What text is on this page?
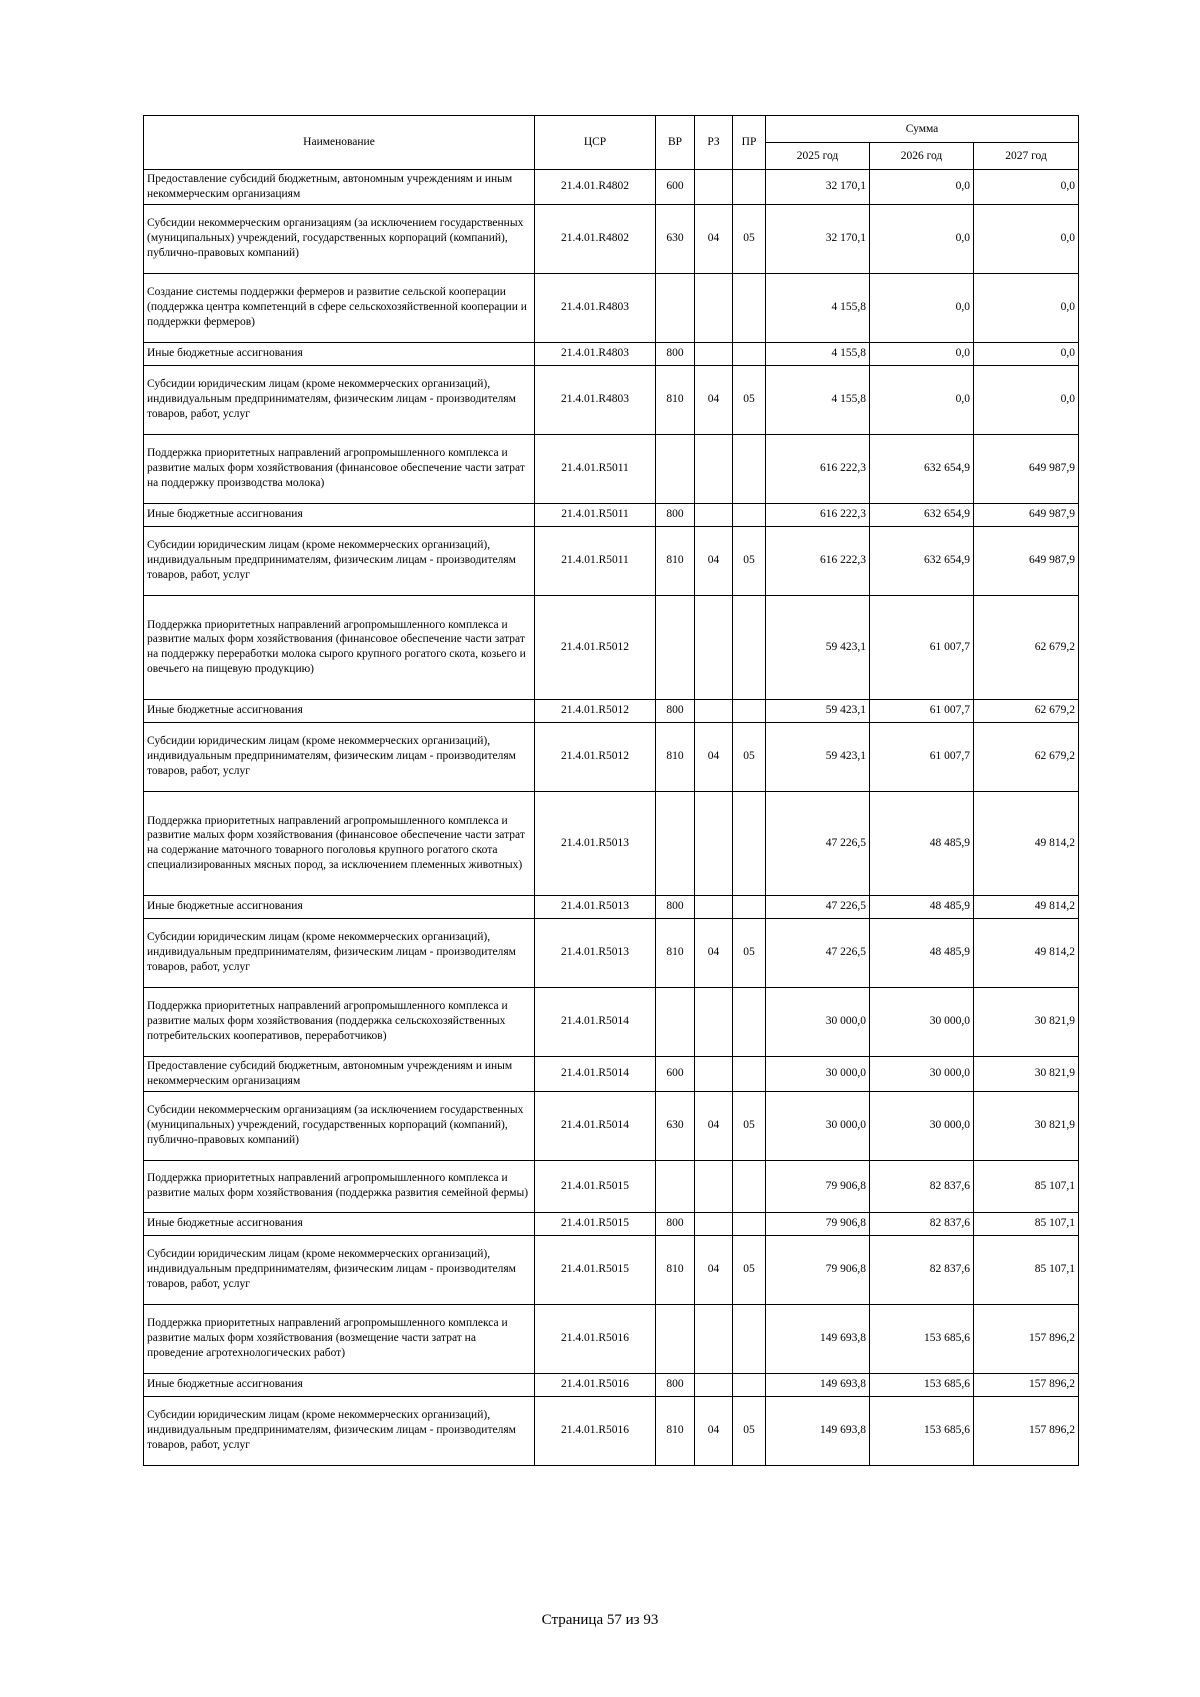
Наименование	ЦСР	ВР	РЗ	ПР	Сумма		
					2025 год	2026 год	2027 год
Предоставление субсидий бюджетным, автономным учреждениям и иным некоммерческим организациям	21.4.01.R4802	600			32 170,1	0,0	0,0
Субсидии некоммерческим организациям (за исключением государственных (муниципальных) учреждений, государственных корпораций (компаний), публично-правовых компаний)	21.4.01.R4802	630	04	05	32 170,1	0,0	0,0
Создание системы поддержки фермеров и развитие сельской кооперации (поддержка центра компетенций в сфере сельскохозяйственной кооперации и поддержки фермеров)	21.4.01.R4803				4 155,8	0,0	0,0
Иные бюджетные ассигнования	21.4.01.R4803	800			4 155,8	0,0	0,0
Субсидии юридическим лицам (кроме некоммерческих организаций), индивидуальным предпринимателям, физическим лицам - производителям товаров, работ, услуг	21.4.01.R4803	810	04	05	4 155,8	0,0	0,0
Поддержка приоритетных направлений агропромышленного комплекса и развитие малых форм хозяйствования (финансовое обеспечение части затрат на поддержку производства молока)	21.4.01.R5011				616 222,3	632 654,9	649 987,9
Иные бюджетные ассигнования	21.4.01.R5011	800			616 222,3	632 654,9	649 987,9
Субсидии юридическим лицам (кроме некоммерческих организаций), индивидуальным предпринимателям, физическим лицам - производителям товаров, работ, услуг	21.4.01.R5011	810	04	05	616 222,3	632 654,9	649 987,9
Поддержка приоритетных направлений агропромышленного комплекса и развитие малых форм хозяйствования (финансовое обеспечение части затрат на поддержку переработки молока сырого крупного рогатого скота, козьего и овечьего на пищевую продукцию)	21.4.01.R5012				59 423,1	61 007,7	62 679,2
Иные бюджетные ассигнования	21.4.01.R5012	800			59 423,1	61 007,7	62 679,2
Субсидии юридическим лицам (кроме некоммерческих организаций), индивидуальным предпринимателям, физическим лицам - производителям товаров, работ, услуг	21.4.01.R5012	810	04	05	59 423,1	61 007,7	62 679,2
Поддержка приоритетных направлений агропромышленного комплекса и развитие малых форм хозяйствования (финансовое обеспечение части затрат на содержание маточного товарного поголовья крупного рогатого скота специализированных мясных пород, за исключением племенных животных)	21.4.01.R5013				47 226,5	48 485,9	49 814,2
Иные бюджетные ассигнования	21.4.01.R5013	800			47 226,5	48 485,9	49 814,2
Субсидии юридическим лицам (кроме некоммерческих организаций), индивидуальным предпринимателям, физическим лицам - производителям товаров, работ, услуг	21.4.01.R5013	810	04	05	47 226,5	48 485,9	49 814,2
Поддержка приоритетных направлений агропромышленного комплекса и развитие малых форм хозяйствования (поддержка сельскохозяйственных потребительских кооперативов, переработчиков)	21.4.01.R5014				30 000,0	30 000,0	30 821,9
Предоставление субсидий бюджетным, автономным учреждениям и иным некоммерческим организациям	21.4.01.R5014	600			30 000,0	30 000,0	30 821,9
Субсидии некоммерческим организациям (за исключением государственных (муниципальных) учреждений, государственных корпораций (компаний), публично-правовых компаний)	21.4.01.R5014	630	04	05	30 000,0	30 000,0	30 821,9
Поддержка приоритетных направлений агропромышленного комплекса и развитие малых форм хозяйствования (поддержка развития семейной фермы)	21.4.01.R5015				79 906,8	82 837,6	85 107,1
Иные бюджетные ассигнования	21.4.01.R5015	800			79 906,8	82 837,6	85 107,1
Субсидии юридическим лицам (кроме некоммерческих организаций), индивидуальным предпринимателям, физическим лицам - производителям товаров, работ, услуг	21.4.01.R5015	810	04	05	79 906,8	82 837,6	85 107,1
Поддержка приоритетных направлений агропромышленного комплекса и развитие малых форм хозяйствования (возмещение части затрат на проведение агротехнологических работ)	21.4.01.R5016				149 693,8	153 685,6	157 896,2
Иные бюджетные ассигнования	21.4.01.R5016	800			149 693,8	153 685,6	157 896,2
Субсидии юридическим лицам (кроме некоммерческих организаций), индивидуальным предпринимателям, физическим лицам - производителям товаров, работ, услуг	21.4.01.R5016	810	04	05	149 693,8	153 685,6	157 896,2
Страница 57 из 93
